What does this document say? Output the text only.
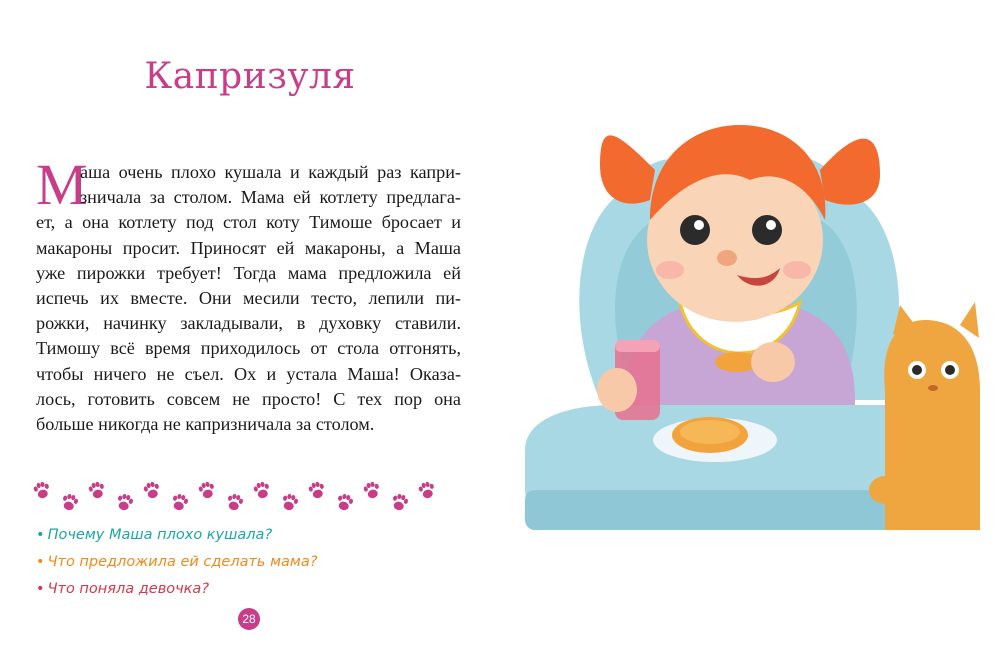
Капризуля
М
аша очень плохо кушала и каждый раз капри-
зничала за столом. Мама ей котлету предлага-
ет, а она котлету под стол коту Тимоше бросает и
макароны просит. Приносят ей макароны, а Маша
уже пирожки требует! Тогда мама предложила ей
испечь их вместе. Они месили тесто, лепили пи-
рожки, начинку закладывали, в духовку ставили.
Тимошу всё время приходилось от стола отгонять,
чтобы ничего не съел. Ох и устала Маша! Оказа-
лось, готовить совсем не просто! С тех пор она
больше никогда не капризничала за столом.
• Почему Маша плохо кушала?
• Что предложила ей сделать мама?
• Что поняла девочка?
28
